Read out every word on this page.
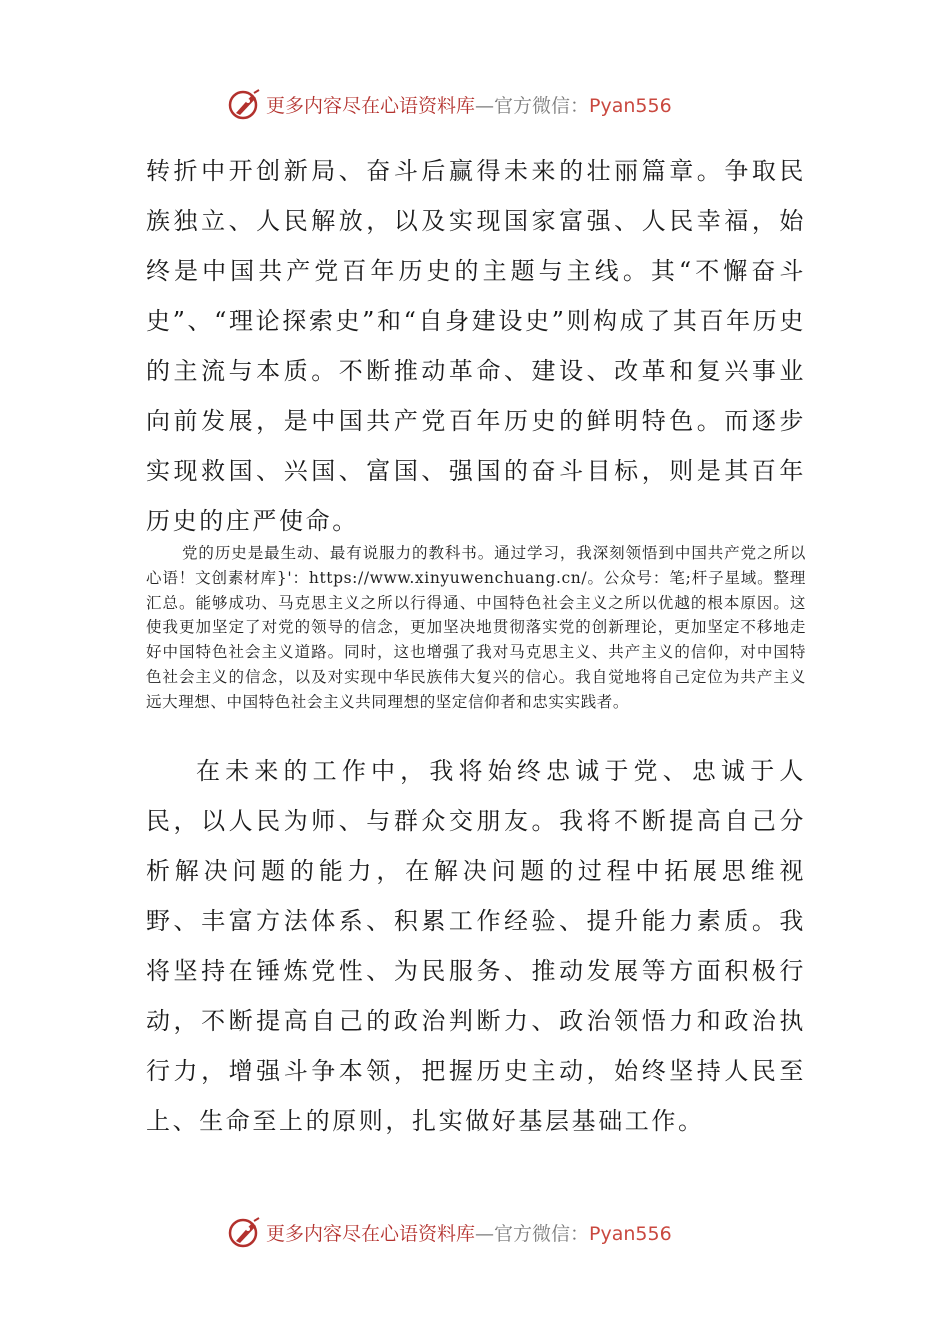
更多内容尽在心语资料库—官方微信：Pyan556

转折中开创新局、奋斗后赢得未来的壮丽篇章。争取民族独立、人民解放，以及实现国家富强、人民幸福，始终是中国共产党百年历史的主题与主线。其“不懈奋斗史”、“理论探索史”和“自身建设史”则构成了其百年历史的主流与本质。不断推动革命、建设、改革和复兴事业向前发展，是中国共产党百年历史的鲜明特色。而逐步实现救国、兴国、富国、强国的奋斗目标，则是其百年历史的庄严使命。

党的历史是最生动、最有说服力的教科书。通过学习，我深刻领悟到中国共产党之所以心语！文创素材库}'：https://www.xinyuwenchuang.cn/。公众号：笔;杆子星域。整理汇总。能够成功、马克思主义之所以行得通、中国特色社会主义之所以优越的根本原因。这使我更加坚定了对党的领导的信念，更加坚决地贯彻落实党的创新理论，更加坚定不移地走好中国特色社会主义道路。同时，这也增强了我对马克思主义、共产主义的信仰，对中国特色社会主义的信念，以及对实现中华民族伟大复兴的信心。我自觉地将自己定位为共产主义远大理想、中国特色社会主义共同理想的坚定信仰者和忠实实践者。

在未来的工作中，我将始终忠诚于党、忠诚于人民，以人民为师、与群众交朋友。我将不断提高自己分析解决问题的能力，在解决问题的过程中拓展思维视野、丰富方法体系、积累工作经验、提升能力素质。我将坚持在锤炼党性、为民服务、推动发展等方面积极行动，不断提高自己的政治判断力、政治领悟力和政治执行力，增强斗争本领，把握历史主动，始终坚持人民至上、生命至上的原则，扎实做好基层基础工作。

更多内容尽在心语资料库—官方微信：Pyan556
